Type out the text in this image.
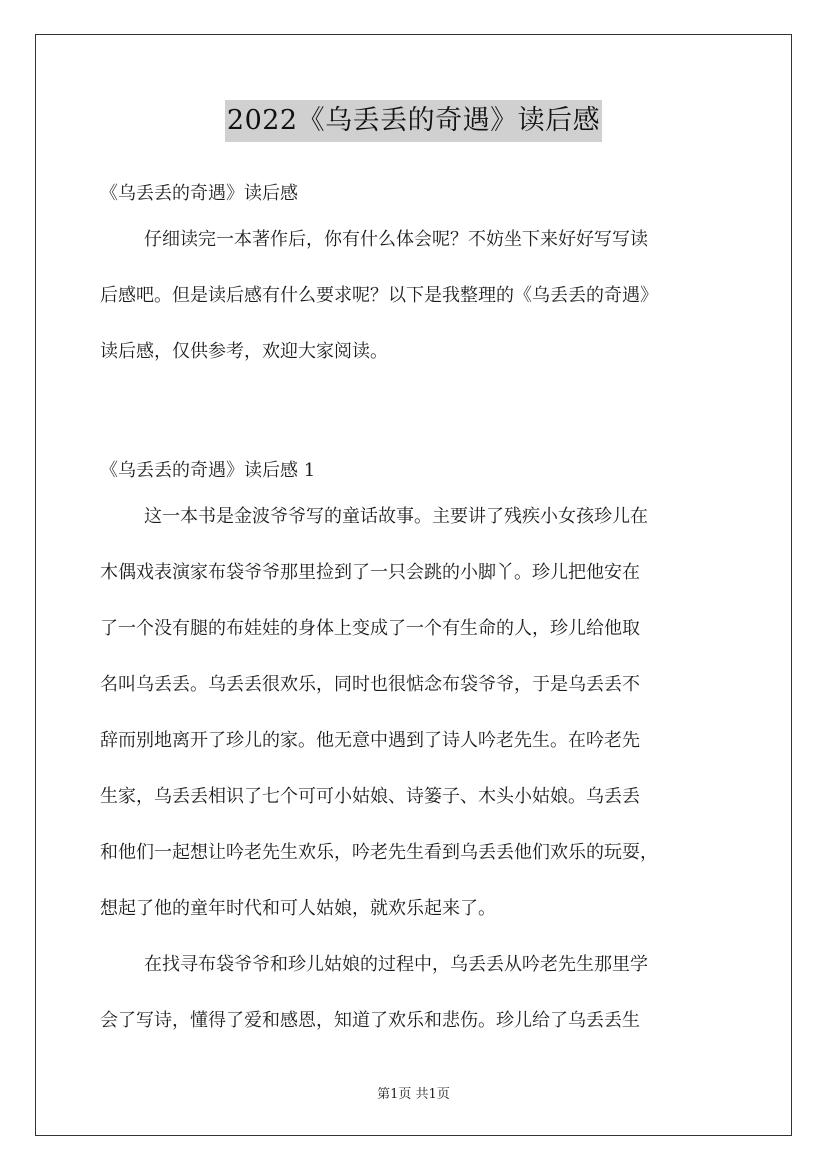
2022《乌丢丢的奇遇》读后感
《乌丢丢的奇遇》读后感
仔细读完一本著作后，你有什么体会呢？不妨坐下来好好写写读
后感吧。但是读后感有什么要求呢？以下是我整理的《乌丢丢的奇遇》
读后感，仅供参考，欢迎大家阅读。
《乌丢丢的奇遇》读后感 1
这一本书是金波爷爷写的童话故事。主要讲了残疾小女孩珍儿在
木偶戏表演家布袋爷爷那里捡到了一只会跳的小脚丫。珍儿把他安在
了一个没有腿的布娃娃的身体上变成了一个有生命的人，珍儿给他取
名叫乌丢丢。乌丢丢很欢乐，同时也很惦念布袋爷爷，于是乌丢丢不
辞而别地离开了珍儿的家。他无意中遇到了诗人吟老先生。在吟老先
生家，乌丢丢相识了七个可可小姑娘、诗篓子、木头小姑娘。乌丢丢
和他们一起想让吟老先生欢乐，吟老先生看到乌丢丢他们欢乐的玩耍，
想起了他的童年时代和可人姑娘，就欢乐起来了。
在找寻布袋爷爷和珍儿姑娘的过程中，乌丢丢从吟老先生那里学
会了写诗，懂得了爱和感恩，知道了欢乐和悲伤。珍儿给了乌丢丢生
第1页 共1页
